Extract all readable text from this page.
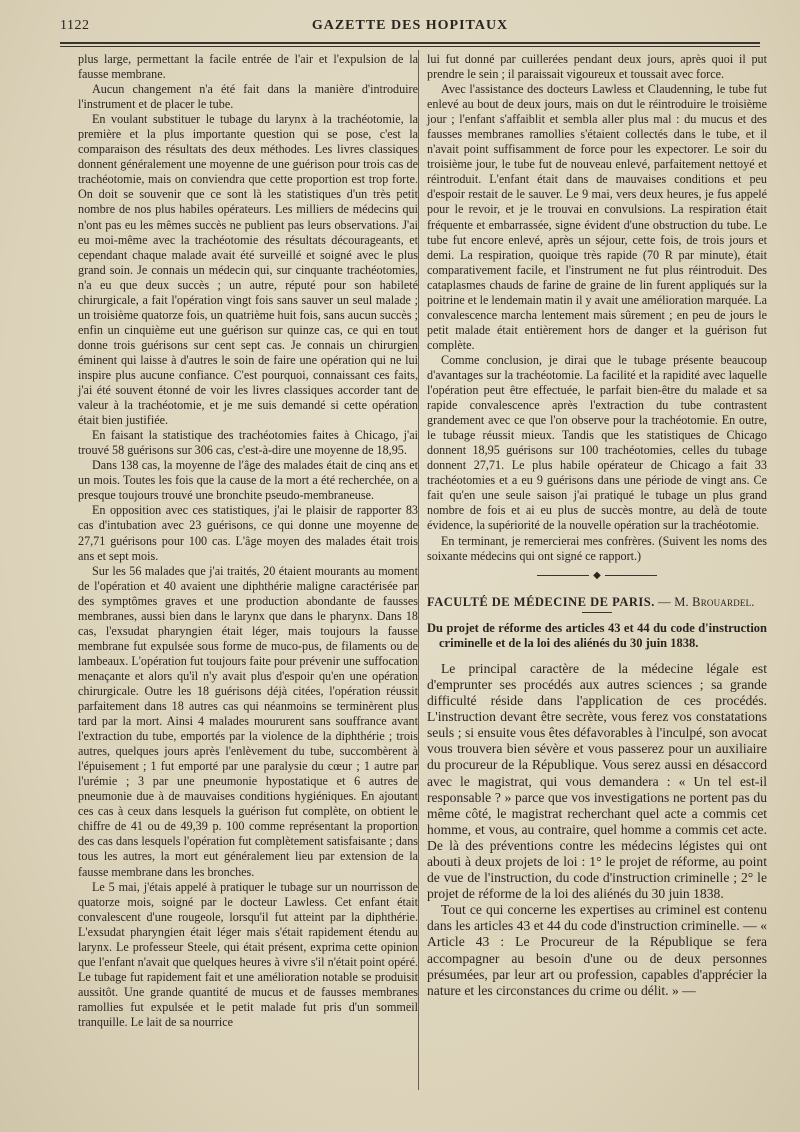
1122	GAZETTE DES HOPITAUX

plus large, permettant la facile entrée de l'air et l'expulsion de la fausse membrane.

Aucun changement n'a été fait dans la manière d'introduire l'instrument et de placer le tube.

En voulant substituer le tubage du larynx à la trachéotomie, la première et la plus importante question qui se pose, c'est la comparaison des résultats des deux méthodes. Les livres classiques donnent généralement une moyenne de une guérison pour trois cas de trachéotomie, mais on conviendra que cette proportion est trop forte. On doit se souvenir que ce sont là les statistiques d'un très petit nombre de nos plus habiles opérateurs. Les milliers de médecins qui n'ont pas eu les mêmes succès ne publient pas leurs observations. J'ai eu moi-même avec la trachéotomie des résultats décourageants, et cependant chaque malade avait été surveillé et soigné avec le plus grand soin. Je connais un médecin qui, sur cinquante trachéotomies, n'a eu que deux succès ; un autre, réputé pour son habileté chirurgicale, a fait l'opération vingt fois sans sauver un seul malade ; un troisième quatorze fois, un quatrième huit fois, sans aucun succès ; enfin un cinquième eut une guérison sur quinze cas, ce qui en tout donne trois guérisons sur cent sept cas. Je connais un chirurgien éminent qui laisse à d'autres le soin de faire une opération qui ne lui inspire plus aucune confiance. C'est pourquoi, connaissant ces faits, j'ai été souvent étonné de voir les livres classiques accorder tant de valeur à la trachéotomie, et je me suis demandé si cette opération était bien justifiée.

En faisant la statistique des trachéotomies faites à Chicago, j'ai trouvé 58 guérisons sur 306 cas, c'est-à-dire une moyenne de 18,95.

Dans 138 cas, la moyenne de l'âge des malades était de cinq ans et un mois. Toutes les fois que la cause de la mort a été recherchée, on a presque toujours trouvé une bronchite pseudo-membraneuse.

En opposition avec ces statistiques, j'ai le plaisir de rapporter 83 cas d'intubation avec 23 guérisons, ce qui donne une moyenne de 27,71 guérisons pour 100 cas. L'âge moyen des malades était trois ans et sept mois.

Sur les 56 malades que j'ai traités, 20 étaient mourants au moment de l'opération et 40 avaient une diphthérie maligne caractérisée par des symptômes graves et une production abondante de fausses membranes, aussi bien dans le larynx que dans le pharynx. Dans 18 cas, l'exsudat pharyngien était léger, mais toujours la fausse membrane fut expulsée sous forme de muco-pus, de filaments ou de lambeaux. L'opération fut toujours faite pour prévenir une suffocation menaçante et alors qu'il n'y avait plus d'espoir qu'en une opération chirurgicale. Outre les 18 guérisons déjà citées, l'opération réussit parfaitement dans 18 autres cas qui néanmoins se terminèrent plus tard par la mort. Ainsi 4 malades moururent sans souffrance avant l'extraction du tube, emportés par la violence de la diphthérie ; trois autres, quelques jours après l'enlèvement du tube, succombèrent à l'épuisement ; 1 fut emporté par une paralysie du cœur ; 1 autre par l'urémie ; 3 par une pneumonie hypostatique et 6 autres de pneumonie due à de mauvaises conditions hygiéniques. En ajoutant ces cas à ceux dans lesquels la guérison fut complète, on obtient le chiffre de 41 ou de 49,39 p. 100 comme représentant la proportion des cas dans lesquels l'opération fut complètement satisfaisante ; dans tous les autres, la mort eut généralement lieu par extension de la fausse membrane dans les bronches.

Le 5 mai, j'étais appelé à pratiquer le tubage sur un nourrisson de quatorze mois, soigné par le docteur Lawless. Cet enfant était convalescent d'une rougeole, lorsqu'il fut atteint par la diphthérie. L'exsudat pharyngien était léger mais s'était rapidement étendu au larynx. Le professeur Steele, qui était présent, exprima cette opinion que l'enfant n'avait que quelques heures à vivre s'il n'était point opéré. Le tubage fut rapidement fait et une amélioration notable se produisit aussitôt. Une grande quantité de mucus et de fausses membranes ramollies fut expulsée et le petit malade fut pris d'un sommeil tranquille. Le lait de sa nourrice

lui fut donné par cuillerées pendant deux jours, après quoi il put prendre le sein ; il paraissait vigoureux et toussait avec force.

Avec l'assistance des docteurs Lawless et Claudenning, le tube fut enlevé au bout de deux jours, mais on dut le réintroduire le troisième jour ; l'enfant s'affaiblit et sembla aller plus mal : du mucus et des fausses membranes ramollies s'étaient collectés dans le tube, et il n'avait point suffisamment de force pour les expectorer. Le soir du troisième jour, le tube fut de nouveau enlevé, parfaitement nettoyé et réintroduit. L'enfant était dans de mauvaises conditions et peu d'espoir restait de le sauver. Le 9 mai, vers deux heures, je fus appelé pour le revoir, et je le trouvai en convulsions. La respiration était fréquente et embarrassée, signe évident d'une obstruction du tube. Le tube fut encore enlevé, après un séjour, cette fois, de trois jours et demi. La respiration, quoique très rapide (70 R par minute), était comparativement facile, et l'instrument ne fut plus réintroduit. Des cataplasmes chauds de farine de graine de lin furent appliqués sur la poitrine et le lendemain matin il y avait une amélioration marquée. La convalescence marcha lentement mais sûrement ; en peu de jours le petit malade était entièrement hors de danger et la guérison fut complète.

Comme conclusion, je dirai que le tubage présente beaucoup d'avantages sur la trachéotomie. La facilité et la rapidité avec laquelle l'opération peut être effectuée, le parfait bien-être du malade et sa rapide convalescence après l'extraction du tube contrastent grandement avec ce que l'on observe pour la trachéotomie. En outre, le tubage réussit mieux. Tandis que les statistiques de Chicago donnent 18,95 guérisons sur 100 trachéotomies, celles du tubage donnent 27,71. Le plus habile opérateur de Chicago a fait 33 trachéotomies et a eu 9 guérisons dans une période de vingt ans. Ce fait qu'en une seule saison j'ai pratiqué le tubage un plus grand nombre de fois et ai eu plus de succès montre, au delà de toute évidence, la supériorité de la nouvelle opération sur la trachéotomie.

En terminant, je remercierai mes confrères. (Suivent les noms des soixante médecins qui ont signé ce rapport.)

◆

FACULTÉ DE MÉDECINE DE PARIS. — M. Brouardel.

Du projet de réforme des articles 43 et 44 du code d'instruction criminelle et de la loi des aliénés du 30 juin 1838.

Le principal caractère de la médecine légale est d'emprunter ses procédés aux autres sciences ; sa grande difficulté réside dans l'application de ces procédés. L'instruction devant être secrète, vous ferez vos constatations seuls ; si ensuite vous êtes défavorables à l'inculpé, son avocat vous trouvera bien sévère et vous passerez pour un auxiliaire du procureur de la République. Vous serez aussi en désaccord avec le magistrat, qui vous demandera : « Un tel est-il responsable ? » parce que vos investigations ne portent pas du même côté, le magistrat recherchant quel acte a commis cet homme, et vous, au contraire, quel homme a commis cet acte. De là des préventions contre les médecins légistes qui ont abouti à deux projets de loi : 1° le projet de réforme, au point de vue de l'instruction, du code d'instruction criminelle ; 2° le projet de réforme de la loi des aliénés du 30 juin 1838.

Tout ce qui concerne les expertises au criminel est contenu dans les articles 43 et 44 du code d'instruction criminelle. — « Article 43 : Le Procureur de la République se fera accompagner au besoin d'une ou de deux personnes présumées, par leur art ou profession, capables d'apprécier la nature et les circonstances du crime ou délit. » —
